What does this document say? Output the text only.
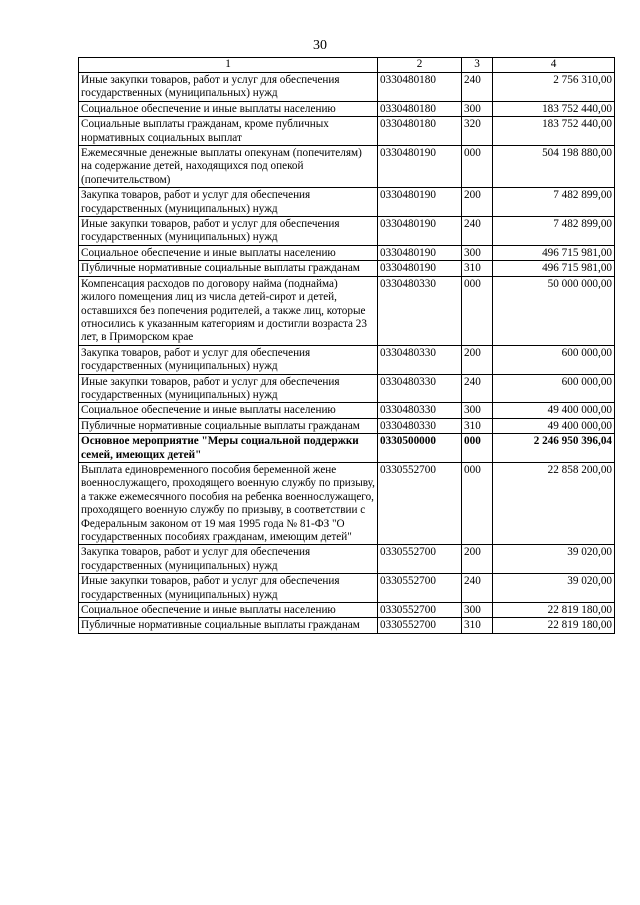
30
1	2	3	4
Иные закупки товаров, работ и услуг для обеспечения государственных (муниципальных) нужд	0330480180	240	2 756 310,00
Социальное обеспечение и иные выплаты населению	0330480180	300	183 752 440,00
Социальные выплаты гражданам, кроме публичных нормативных социальных выплат	0330480180	320	183 752 440,00
Ежемесячные денежные выплаты опекунам (попечителям) на содержание детей, находящихся под опекой (попечительством)	0330480190	000	504 198 880,00
Закупка товаров, работ и услуг для обеспечения государственных (муниципальных) нужд	0330480190	200	7 482 899,00
Иные закупки товаров, работ и услуг для обеспечения государственных (муниципальных) нужд	0330480190	240	7 482 899,00
Социальное обеспечение и иные выплаты населению	0330480190	300	496 715 981,00
Публичные нормативные социальные выплаты гражданам	0330480190	310	496 715 981,00
Компенсация расходов по договору найма (поднайма) жилого помещения лиц из числа детей-сирот и детей, оставшихся без попечения родителей, а также лиц, которые относились к указанным категориям и достигли возраста 23 лет, в Приморском крае	0330480330	000	50 000 000,00
Закупка товаров, работ и услуг для обеспечения государственных (муниципальных) нужд	0330480330	200	600 000,00
Иные закупки товаров, работ и услуг для обеспечения государственных (муниципальных) нужд	0330480330	240	600 000,00
Социальное обеспечение и иные выплаты населению	0330480330	300	49 400 000,00
Публичные нормативные социальные выплаты гражданам	0330480330	310	49 400 000,00
Основное мероприятие "Меры социальной поддержки семей, имеющих детей"	0330500000	000	2 246 950 396,04
Выплата единовременного пособия беременной жене военнослужащего, проходящего военную службу по призыву, а также ежемесячного пособия на ребенка военнослужащего, проходящего военную службу по призыву, в соответствии с Федеральным законом от 19 мая 1995 года № 81-ФЗ "О государственных пособиях гражданам, имеющим детей"	0330552700	000	22 858 200,00
Закупка товаров, работ и услуг для обеспечения государственных (муниципальных) нужд	0330552700	200	39 020,00
Иные закупки товаров, работ и услуг для обеспечения государственных (муниципальных) нужд	0330552700	240	39 020,00
Социальное обеспечение и иные выплаты населению	0330552700	300	22 819 180,00
Публичные нормативные социальные выплаты гражданам	0330552700	310	22 819 180,00
